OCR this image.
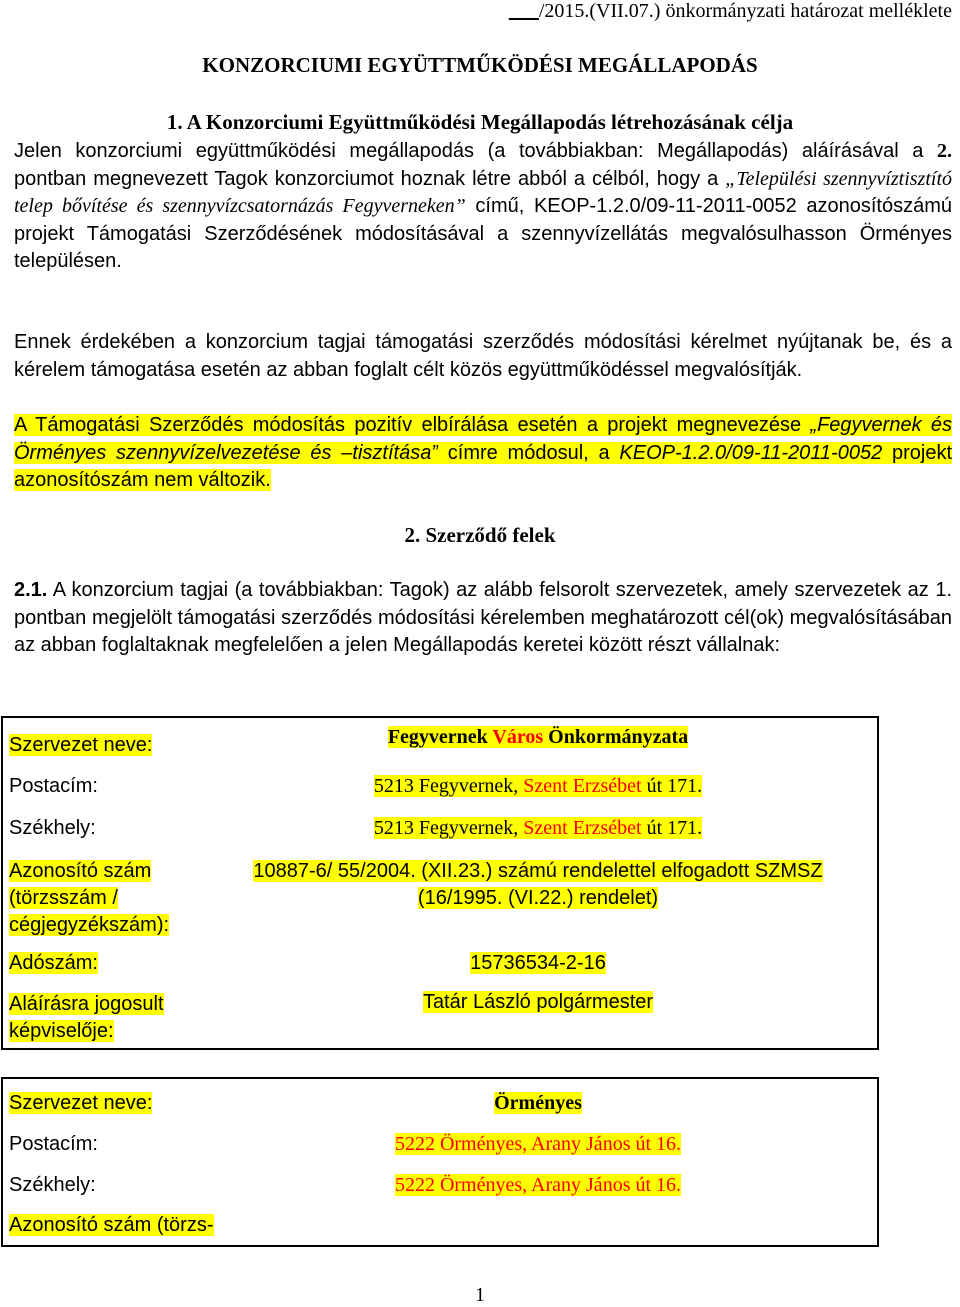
___/2015.(VII.07.) önkormányzati határozat melléklete
KONZORCIUMI EGYÜTTMŰKÖDÉSI MEGÁLLAPODÁS
1. A Konzorciumi Együttműködési Megállapodás létrehozásának célja
Jelen konzorciumi együttműködési megállapodás (a továbbiakban: Megállapodás) aláírásával a 2. pontban megnevezett Tagok konzorciumot hoznak létre abból a célból, hogy a „Települési szennyvíztisztító telep bővítése és szennyvízcsatornázás Fegyverneken” című, KEOP-1.2.0/09-11-2011-0052 azonosítószámú projekt Támogatási Szerződésének módosításával a szennyvízellátás megvalósulhasson Örményes településen.
Ennek érdekében a konzorcium tagjai támogatási szerződés módosítási kérelmet nyújtanak be, és a kérelem támogatása esetén az abban foglalt célt közös együttműködéssel megvalósítják.
A Támogatási Szerződés módosítás pozitív elbírálása esetén a projekt megnevezése „Fegyvernek és Örményes szennyvízelvezetése és –tisztítása” címre módosul, a KEOP-1.2.0/09-11-2011-0052 projekt azonosítószám nem változik.
2. Szerződő felek
2.1. A konzorcium tagjai (a továbbiakban: Tagok) az alább felsorolt szervezetek, amely szervezetek az 1. pontban megjelölt támogatási szerződés módosítási kérelemben meghatározott cél(ok) megvalósításában az abban foglaltaknak megfelelően a jelen Megállapodás keretei között részt vállalnak:
Szervezet neve:	Fegyvernek Város Önkormányzata
Postacím:	5213 Fegyvernek, Szent Erzsébet út 171.
Székhely:	5213 Fegyvernek, Szent Erzsébet út 171.
Azonosító szám
(törzsszám /
cégjegyzékszám):	10887-6/ 55/2004. (XII.23.) számú rendelettel elfogadott SZMSZ
(16/1995. (VI.22.) rendelet)
Adószám:	15736534-2-16
Aláírásra jogosult
képviselője:	Tatár László polgármester
Szervezet neve:	Örményes
Postacím:	5222 Örményes, Arany János út 16.
Székhely:	5222 Örményes, Arany János út 16.
Azonosító szám (törzs-	
1
